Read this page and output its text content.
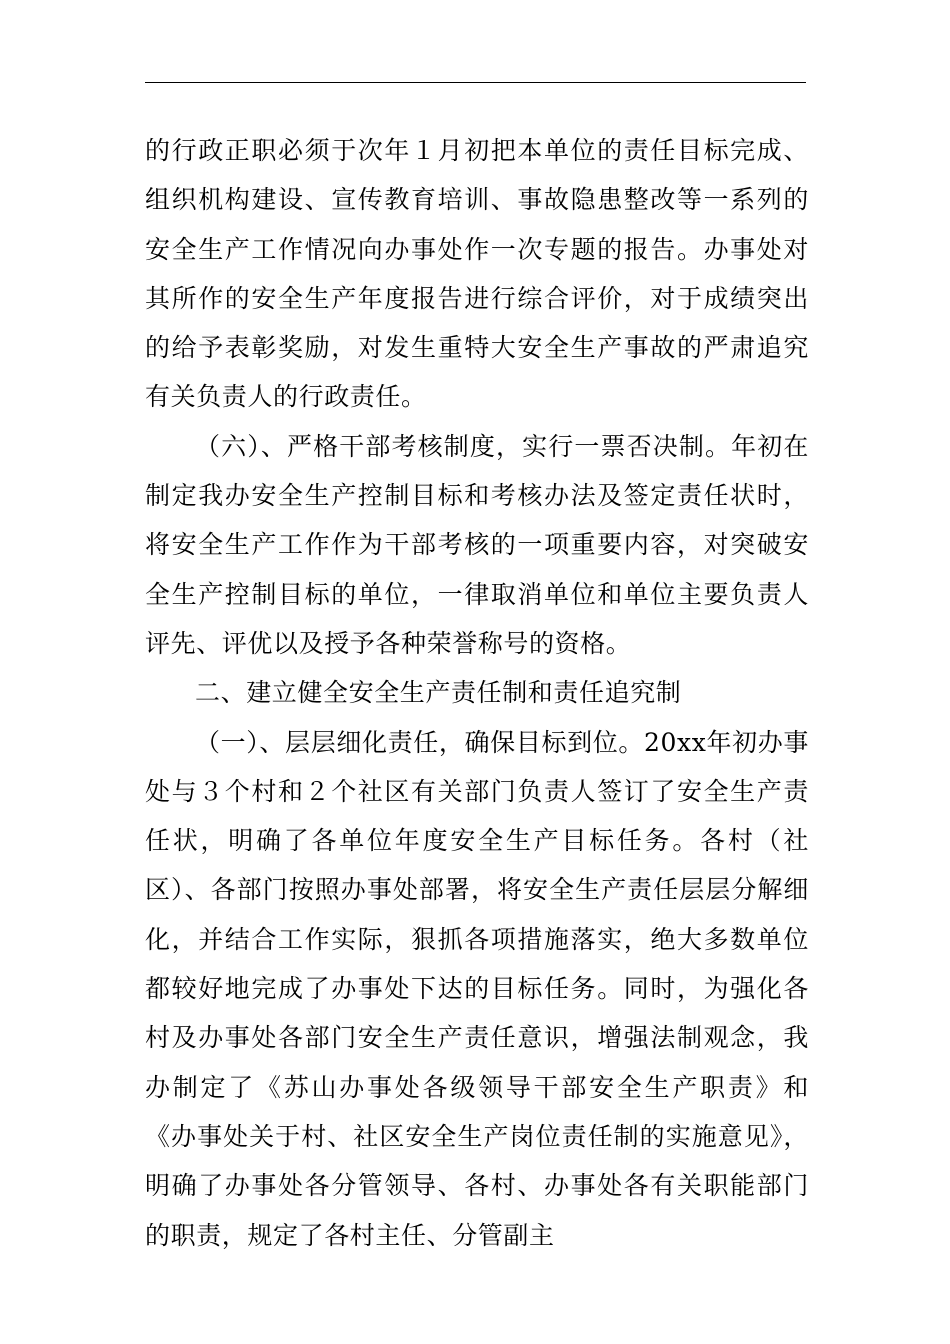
的行政正职必须于次年１月初把本单位的责任目标完成、组织机构建设、宣传教育培训、事故隐患整改等一系列的安全生产工作情况向办事处作一次专题的报告。办事处对其所作的安全生产年度报告进行综合评价，对于成绩突出的给予表彰奖励，对发生重特大安全生产事故的严肃追究有关负责人的行政责任。

（六）、严格干部考核制度，实行一票否决制。年初在制定我办安全生产控制目标和考核办法及签定责任状时，将安全生产工作作为干部考核的一项重要内容，对突破安全生产控制目标的单位，一律取消单位和单位主要负责人评先、评优以及授予各种荣誉称号的资格。

二、建立健全安全生产责任制和责任追究制

（一）、层层细化责任，确保目标到位。20xx年初办事处与３个村和２个社区有关部门负责人签订了安全生产责任状，明确了各单位年度安全生产目标任务。各村（社区）、各部门按照办事处部署，将安全生产责任层层分解细化，并结合工作实际，狠抓各项措施落实，绝大多数单位都较好地完成了办事处下达的目标任务。同时，为强化各村及办事处各部门安全生产责任意识，增强法制观念，我办制定了《苏山办事处各级领导干部安全生产职责》和《办事处关于村、社区安全生产岗位责任制的实施意见》，明确了办事处各分管领导、各村、办事处各有关职能部门的职责，规定了各村主任、分管副主
